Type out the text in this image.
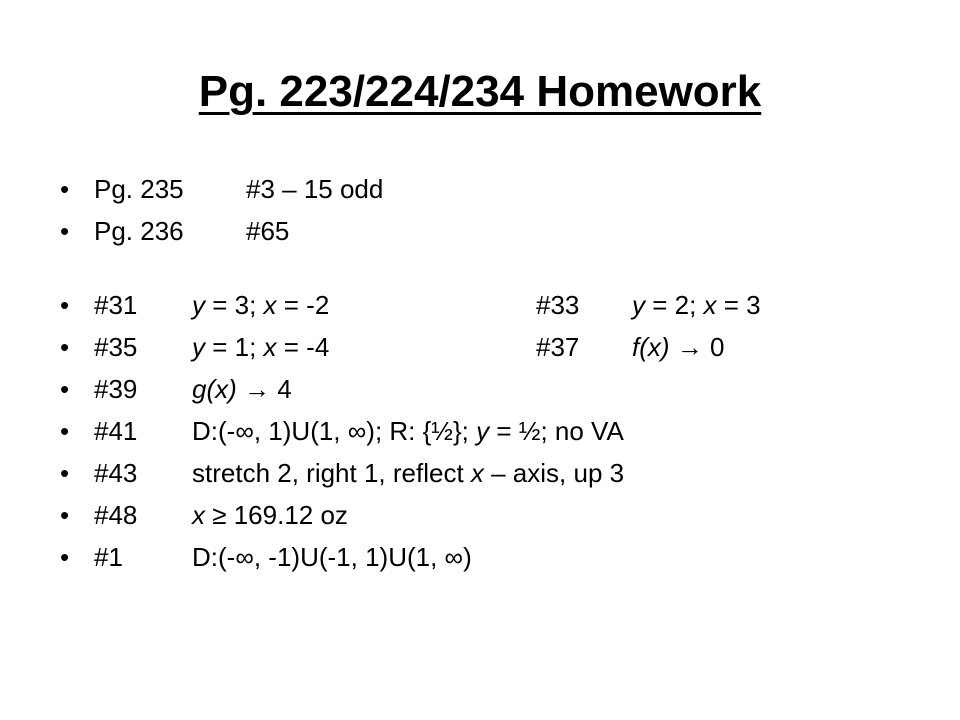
Pg. 223/224/234 Homework
• Pg. 235 #3 – 15 odd
• Pg. 236 #65
• #31 y = 3; x = -2	#33 y = 2; x = 3
• #35 y = 1; x = -4	#37 f(x) → 0
• #39 g(x) → 4
• #41 D:(-∞, 1)U(1, ∞); R: {½}; y = ½; no VA
• #43 stretch 2, right 1, reflect x – axis, up 3
• #48 x ≥ 169.12 oz
• #1	D:(-∞, -1)U(-1, 1)U(1, ∞)
